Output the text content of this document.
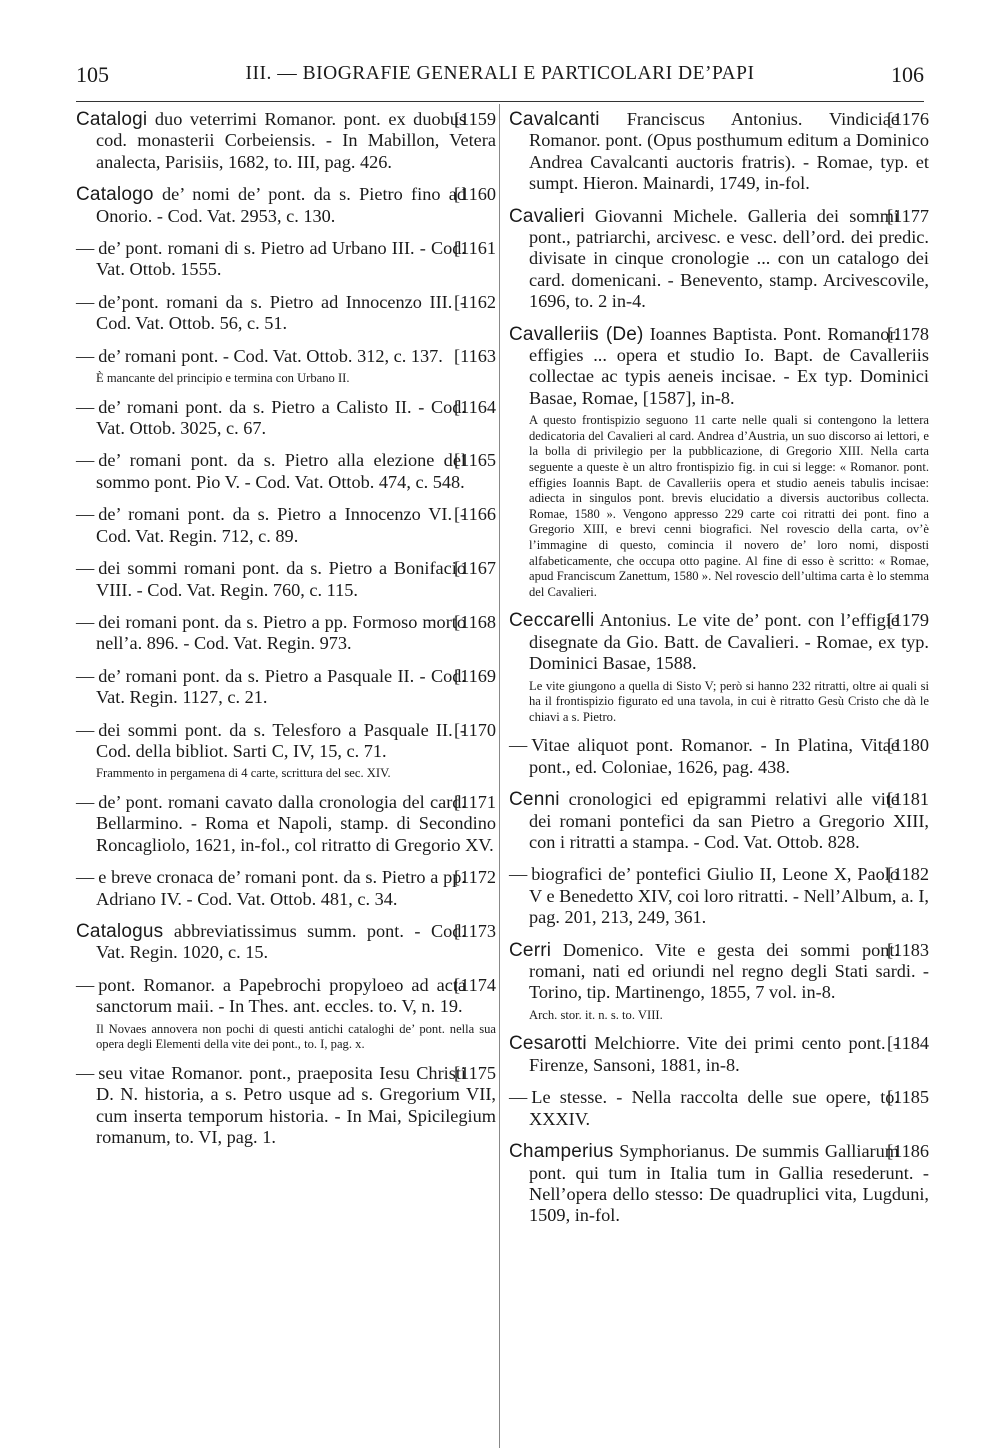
105	III. — BIOGRAFIE GENERALI E PARTICOLARI DE’PAPI	106
[1159
Catalogi duo veterrimi Romanor. pont. ex duobus cod. monasterii Corbeiensis. - In Mabillon, Vetera analecta, Parisiis, 1682, to. III, pag. 426.
[1160
Catalogo de’ nomi de’ pont. da s. Pietro fino ad Onorio. - Cod. Vat. 2953, c. 130.
[1161
— de’ pont. romani di s. Pietro ad Urbano III. - Cod. Vat. Ottob. 1555.
[1162
— de’pont. romani da s. Pietro ad Innocenzo III. - Cod. Vat. Ottob. 56, c. 51.
[1163
— de’ romani pont. - Cod. Vat. Ottob. 312, c. 137.
È mancante del principio e termina con Urbano II.
[1164
— de’ romani pont. da s. Pietro a Calisto II. - Cod. Vat. Ottob. 3025, c. 67.
[1165
— de’ romani pont. da s. Pietro alla elezione del sommo pont. Pio V. - Cod. Vat. Ottob. 474, c. 548.
[1166
— de’ romani pont. da s. Pietro a Innocenzo VI. - Cod. Vat. Regin. 712, c. 89.
[1167
— dei sommi romani pont. da s. Pietro a Bonifacio VIII. - Cod. Vat. Regin. 760, c. 115.
[1168
— dei romani pont. da s. Pietro a pp. Formoso morto nell’a. 896. - Cod. Vat. Regin. 973.
[1169
— de’ romani pont. da s. Pietro a Pasquale II. - Cod. Vat. Regin. 1127, c. 21.
[1170
— dei sommi pont. da s. Telesforo a Pasquale II. - Cod. della bibliot. Sarti C, IV, 15, c. 71.
Frammento in pergamena di 4 carte, scrittura del sec. XIV.
[1171
— de’ pont. romani cavato dalla cronologia del card. Bellarmino. - Roma et Napoli, stamp. di Secondino Roncagliolo, 1621, in-fol., col ritratto di Gregorio XV.
[1172
— e breve cronaca de’ romani pont. da s. Pietro a pp. Adriano IV. - Cod. Vat. Ottob. 481, c. 34.
[1173
Catalogus abbreviatissimus summ. pont. - Cod. Vat. Regin. 1020, c. 15.
[1174
— pont. Romanor. a Papebrochi propyloeo ad acta sanctorum maii. - In Thes. ant. eccles. to. V, n. 19.
Il Novaes annovera non pochi di questi antichi cataloghi de’ pont. nella sua opera degli Elementi della vite dei pont., to. I, pag. x.
[1175
— seu vitae Romanor. pont., praeposita Iesu Christi D. N. historia, a s. Petro usque ad s. Gregorium VII, cum inserta temporum historia. - In Mai, Spicilegium romanum, to. VI, pag. 1.
[1176
Cavalcanti Franciscus Antonius. Vindiciae Romanor. pont. (Opus posthumum editum a Dominico Andrea Cavalcanti auctoris fratris). - Romae, typ. et sumpt. Hieron. Mainardi, 1749, in-fol.
[1177
Cavalieri Giovanni Michele. Galleria dei sommi pont., patriarchi, arcivesc. e vesc. dell’ord. dei predic. divisate in cinque cronologie ... con un catalogo dei card. domenicani. - Benevento, stamp. Arcivescovile, 1696, to. 2 in-4.
[1178
Cavalleriis (De) Ioannes Baptista. Pont. Romanor. effigies ... opera et studio Io. Bapt. de Cavalleriis collectae ac typis aeneis incisae. - Ex typ. Dominici Basae, Romae, [1587], in-8.
A questo frontispizio seguono 11 carte nelle quali si contengono la lettera dedicatoria del Cavalieri al card. Andrea d’Austria, un suo discorso ai lettori, e la bolla di privilegio per la pubblicazione, di Gregorio XIII. Nella carta seguente a queste è un altro frontispizio fig. in cui si legge: « Romanor. pont. effigies Ioannis Bapt. de Cavalleriis opera et studio aeneis tabulis incisae: adiecta in singulos pont. brevis elucidatio a diversis auctoribus collecta. Romae, 1580 ». Vengono appresso 229 carte coi ritratti dei pont. fino a Gregorio XIII, e brevi cenni biografici. Nel rovescio della carta, ov’è l’immagine di questo, comincia il novero de’ loro nomi, disposti alfabeticamente, che occupa otto pagine. Al fine di esso è scritto: « Romae, apud Franciscum Zanettum, 1580 ». Nel rovescio dell’ultima carta è lo stemma del Cavalieri.
[1179
Ceccarelli Antonius. Le vite de’ pont. con l’effigie disegnate da Gio. Batt. de Cavalieri. - Romae, ex typ. Dominici Basae, 1588.
Le vite giungono a quella di Sisto V; però si hanno 232 ritratti, oltre ai quali si ha il frontispizio figurato ed una tavola, in cui è ritratto Gesù Cristo che dà le chiavi a s. Pietro.
[1180
— Vitae aliquot pont. Romanor. - In Platina, Vitae pont., ed. Coloniae, 1626, pag. 438.
[1181
Cenni cronologici ed epigrammi relativi alle vite dei romani pontefici da san Pietro a Gregorio XIII, con i ritratti a stampa. - Cod. Vat. Ottob. 828.
[1182
— biografici de’ pontefici Giulio II, Leone X, Paolo V e Benedetto XIV, coi loro ritratti. - Nell’Album, a. I, pag. 201, 213, 249, 361.
[1183
Cerri Domenico. Vite e gesta dei sommi pont. romani, nati ed oriundi nel regno degli Stati sardi. - Torino, tip. Martinengo, 1855, 7 vol. in-8.
Arch. stor. it. n. s. to. VIII.
[1184
Cesarotti Melchiorre. Vite dei primi cento pont. - Firenze, Sansoni, 1881, in-8.
[1185
— Le stesse. - Nella raccolta delle sue opere, to. XXXIV.
[1186
Champerius Symphorianus. De summis Galliarum pont. qui tum in Italia tum in Gallia resederunt. - Nell’opera dello stesso: De quadruplici vita, Lugduni, 1509, in-fol.
